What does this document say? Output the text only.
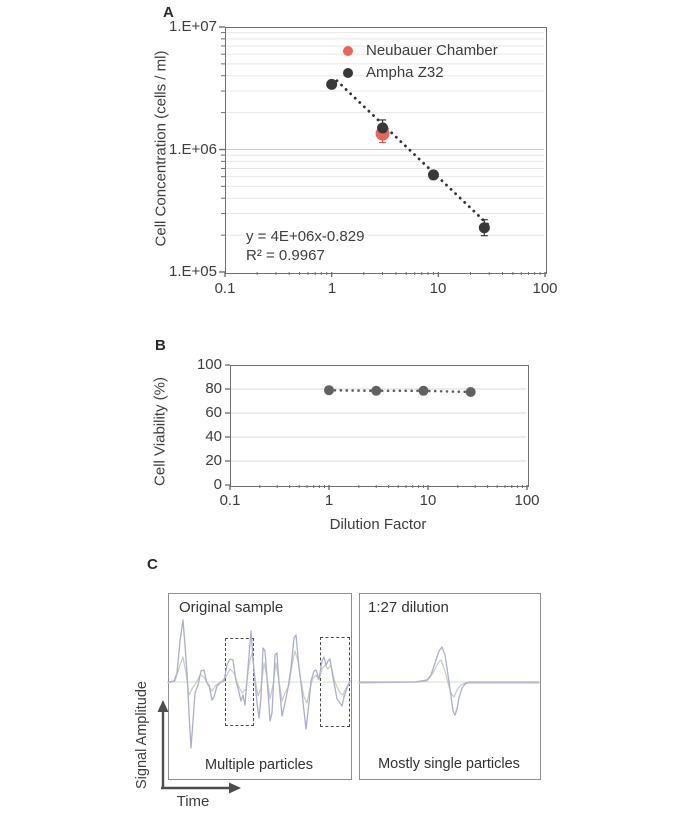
A
Cell Concentration (cells / ml)
1.E+07
1.E+06
1.E+05
0.1	1	10	100
Neubauer Chamber
Ampha Z32
y = 4E+06x-0.829
R² = 0.9967
B
Cell Viability (%)
100
80
60
40
20
0
0.1	1	10	100
Dilution Factor
C
Original sample	1:27 dilution
Multiple particles	Mostly single particles
Signal Amplitude
Time
